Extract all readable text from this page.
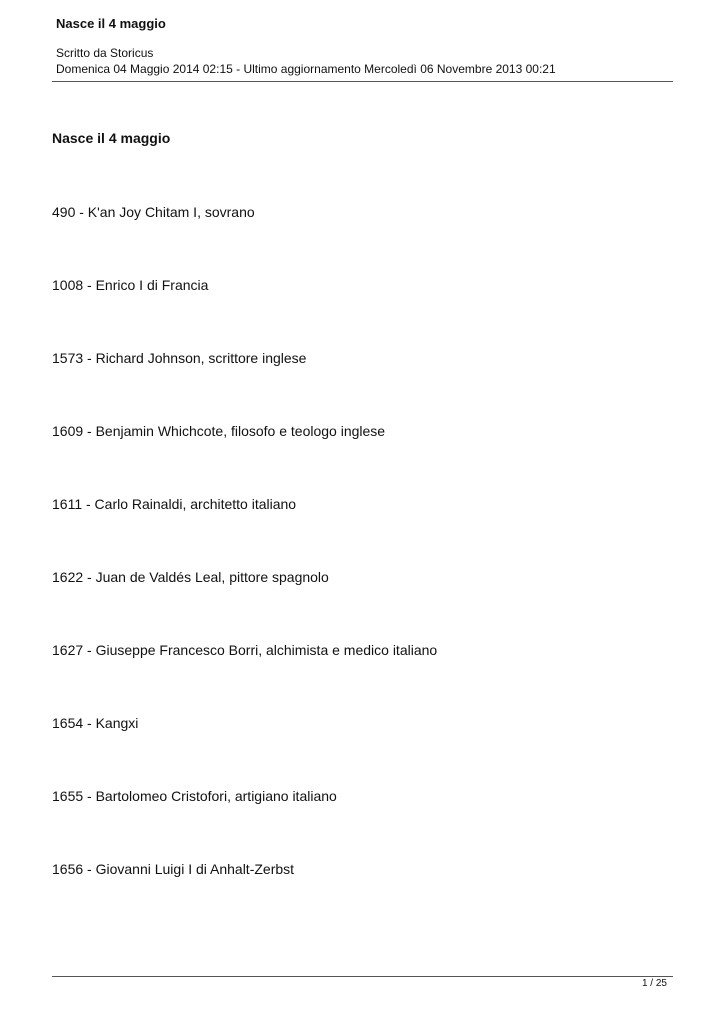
Nasce il 4 maggio
Scritto da Storicus
Domenica 04 Maggio 2014 02:15 - Ultimo aggiornamento Mercoledì 06 Novembre 2013 00:21
Nasce il 4 maggio
490 - K'an Joy Chitam I, sovrano
1008 - Enrico I di Francia
1573 - Richard Johnson, scrittore inglese
1609 - Benjamin Whichcote, filosofo e teologo inglese
1611 - Carlo Rainaldi, architetto italiano
1622 - Juan de Valdés Leal, pittore spagnolo
1627 - Giuseppe Francesco Borri, alchimista e medico italiano
1654 - Kangxi
1655 - Bartolomeo Cristofori, artigiano italiano
1656 - Giovanni Luigi I di Anhalt-Zerbst
1 / 25
